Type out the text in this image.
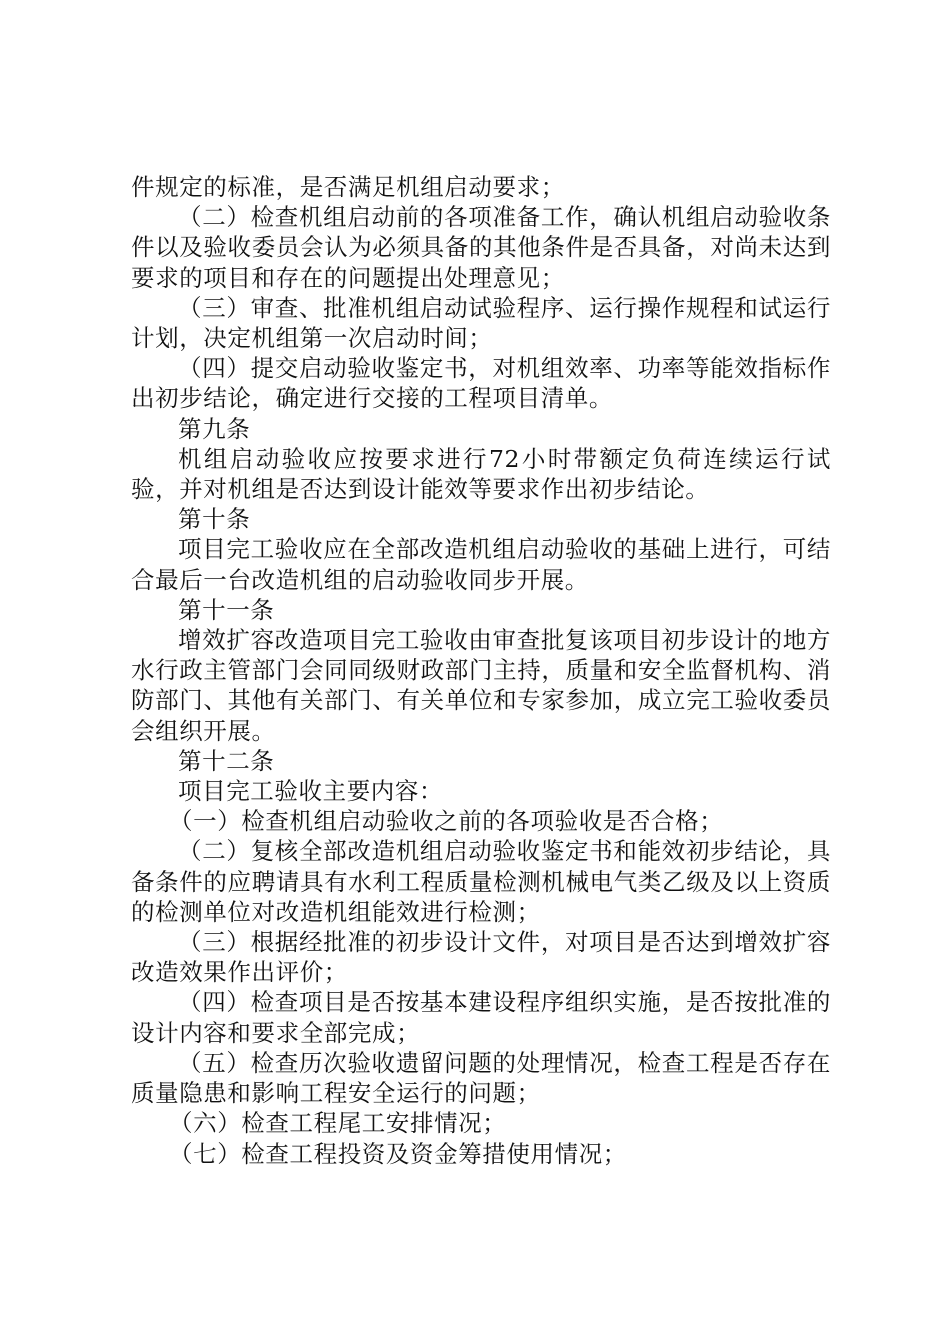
件规定的标准，是否满足机组启动要求；

（二）检查机组启动前的各项准备工作，确认机组启动验收条件以及验收委员会认为必须具备的其他条件是否具备，对尚未达到要求的项目和存在的问题提出处理意见；

（三）审查、批准机组启动试验程序、运行操作规程和试运行计划，决定机组第一次启动时间；

（四）提交启动验收鉴定书，对机组效率、功率等能效指标作出初步结论，确定进行交接的工程项目清单。

第九条

机组启动验收应按要求进行72小时带额定负荷连续运行试验，并对机组是否达到设计能效等要求作出初步结论。

第十条

项目完工验收应在全部改造机组启动验收的基础上进行，可结合最后一台改造机组的启动验收同步开展。

第十一条

增效扩容改造项目完工验收由审查批复该项目初步设计的地方水行政主管部门会同同级财政部门主持，质量和安全监督机构、消防部门、其他有关部门、有关单位和专家参加，成立完工验收委员会组织开展。

第十二条

项目完工验收主要内容：

（一）检查机组启动验收之前的各项验收是否合格；

（二）复核全部改造机组启动验收鉴定书和能效初步结论，具备条件的应聘请具有水利工程质量检测机械电气类乙级及以上资质的检测单位对改造机组能效进行检测；

（三）根据经批准的初步设计文件，对项目是否达到增效扩容改造效果作出评价；

（四）检查项目是否按基本建设程序组织实施，是否按批准的设计内容和要求全部完成；

（五）检查历次验收遗留问题的处理情况，检查工程是否存在质量隐患和影响工程安全运行的问题；

（六）检查工程尾工安排情况；

（七）检查工程投资及资金筹措使用情况；
